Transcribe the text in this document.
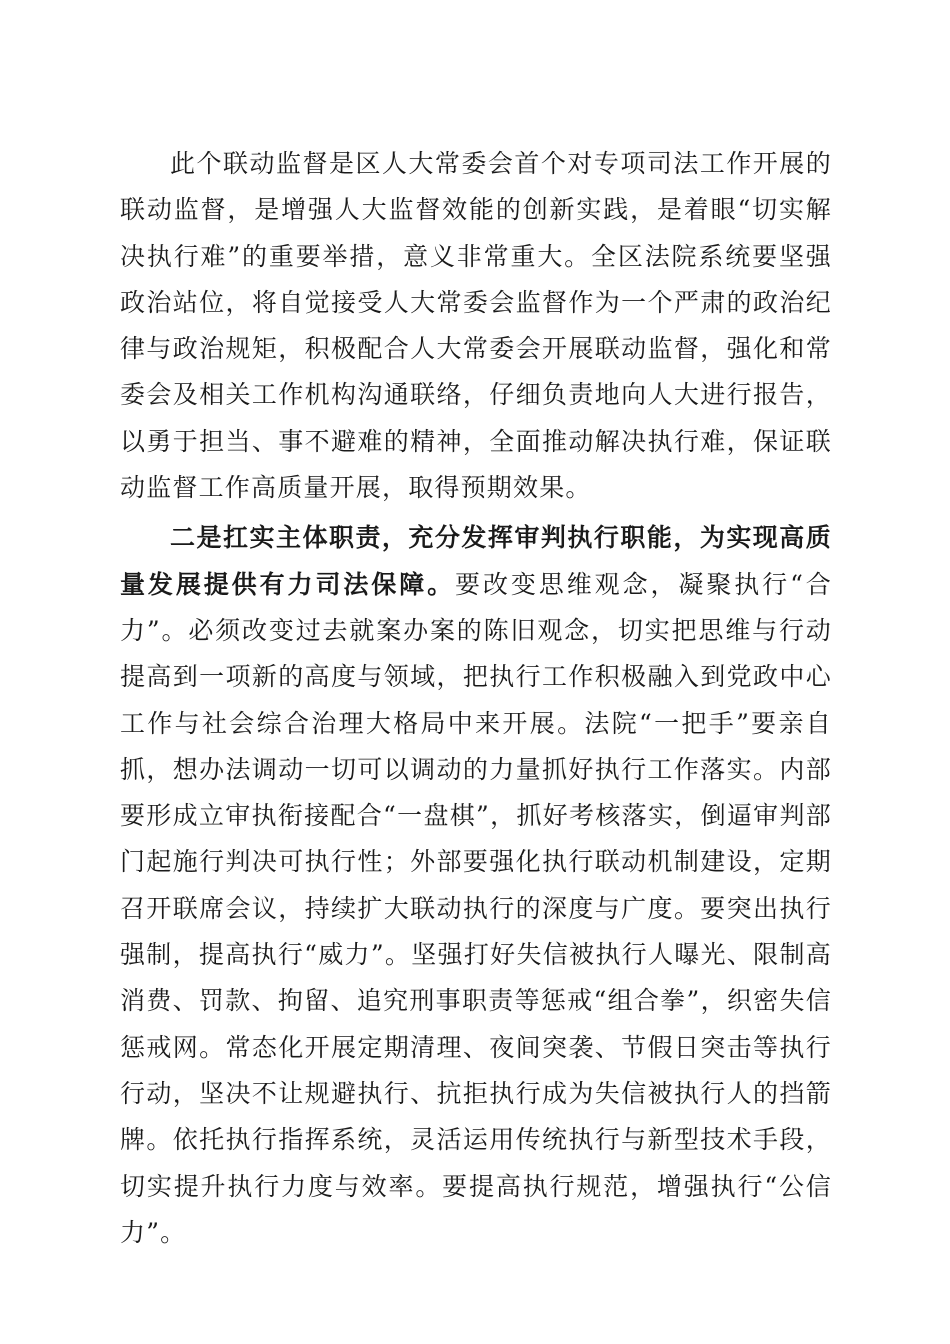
此个联动监督是区人大常委会首个对专项司法工作开展的联动监督，是增强人大监督效能的创新实践，是着眼“切实解决执行难”的重要举措，意义非常重大。全区法院系统要坚强政治站位，将自觉接受人大常委会监督作为一个严肃的政治纪律与政治规矩，积极配合人大常委会开展联动监督，强化和常委会及相关工作机构沟通联络，仔细负责地向人大进行报告，以勇于担当、事不避难的精神，全面推动解决执行难，保证联动监督工作高质量开展，取得预期效果。

二是扛实主体职责，充分发挥审判执行职能，为实现高质量发展提供有力司法保障。要改变思维观念，凝聚执行“合力”。必须改变过去就案办案的陈旧观念，切实把思维与行动提高到一项新的高度与领域，把执行工作积极融入到党政中心工作与社会综合治理大格局中来开展。法院“一把手”要亲自抓，想办法调动一切可以调动的力量抓好执行工作落实。内部要形成立审执衔接配合“一盘棋”，抓好考核落实，倒逼审判部门起施行判决可执行性；外部要强化执行联动机制建设，定期召开联席会议，持续扩大联动执行的深度与广度。要突出执行强制，提高执行“威力”。坚强打好失信被执行人曝光、限制高消费、罚款、拘留、追究刑事职责等惩戒“组合拳”，织密失信惩戒网。常态化开展定期清理、夜间突袭、节假日突击等执行行动，坚决不让规避执行、抗拒执行成为失信被执行人的挡箭牌。依托执行指挥系统，灵活运用传统执行与新型技术手段，切实提升执行力度与效率。要提高执行规范，增强执行“公信力”。
